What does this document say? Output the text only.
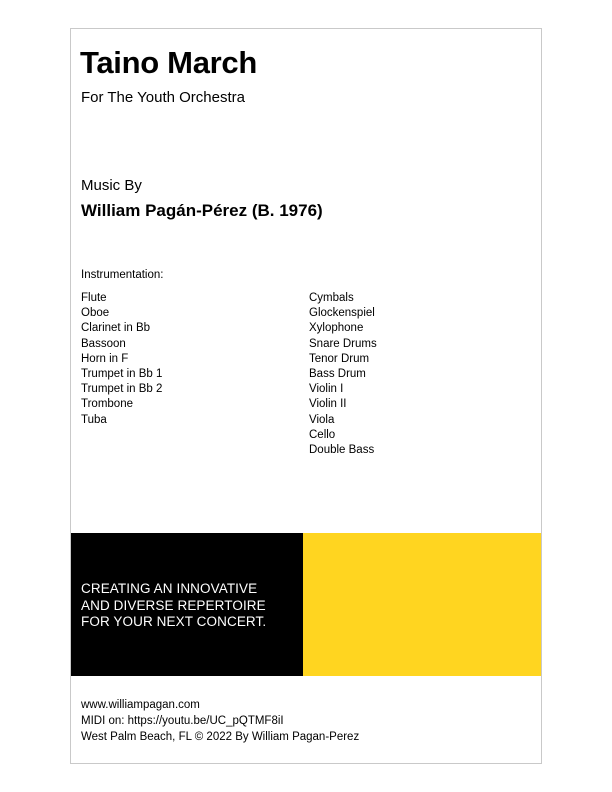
Taino March
For The Youth Orchestra
Music By
William Pagán-Pérez (B. 1976)
Instrumentation:
Flute
Oboe
Clarinet in Bb
Bassoon
Horn in F
Trumpet in Bb 1
Trumpet in Bb 2
Trombone
Tuba
Cymbals
Glockenspiel
Xylophone
Snare Drums
Tenor Drum
Bass Drum
Violin I
Violin II
Viola
Cello
Double Bass
CREATING AN INNOVATIVE
AND DIVERSE REPERTOIRE
FOR YOUR NEXT CONCERT.
www.williampagan.com
MIDI on: https://youtu.be/UC_pQTMF8iI
West Palm Beach, FL © 2022 By William Pagan-Perez
